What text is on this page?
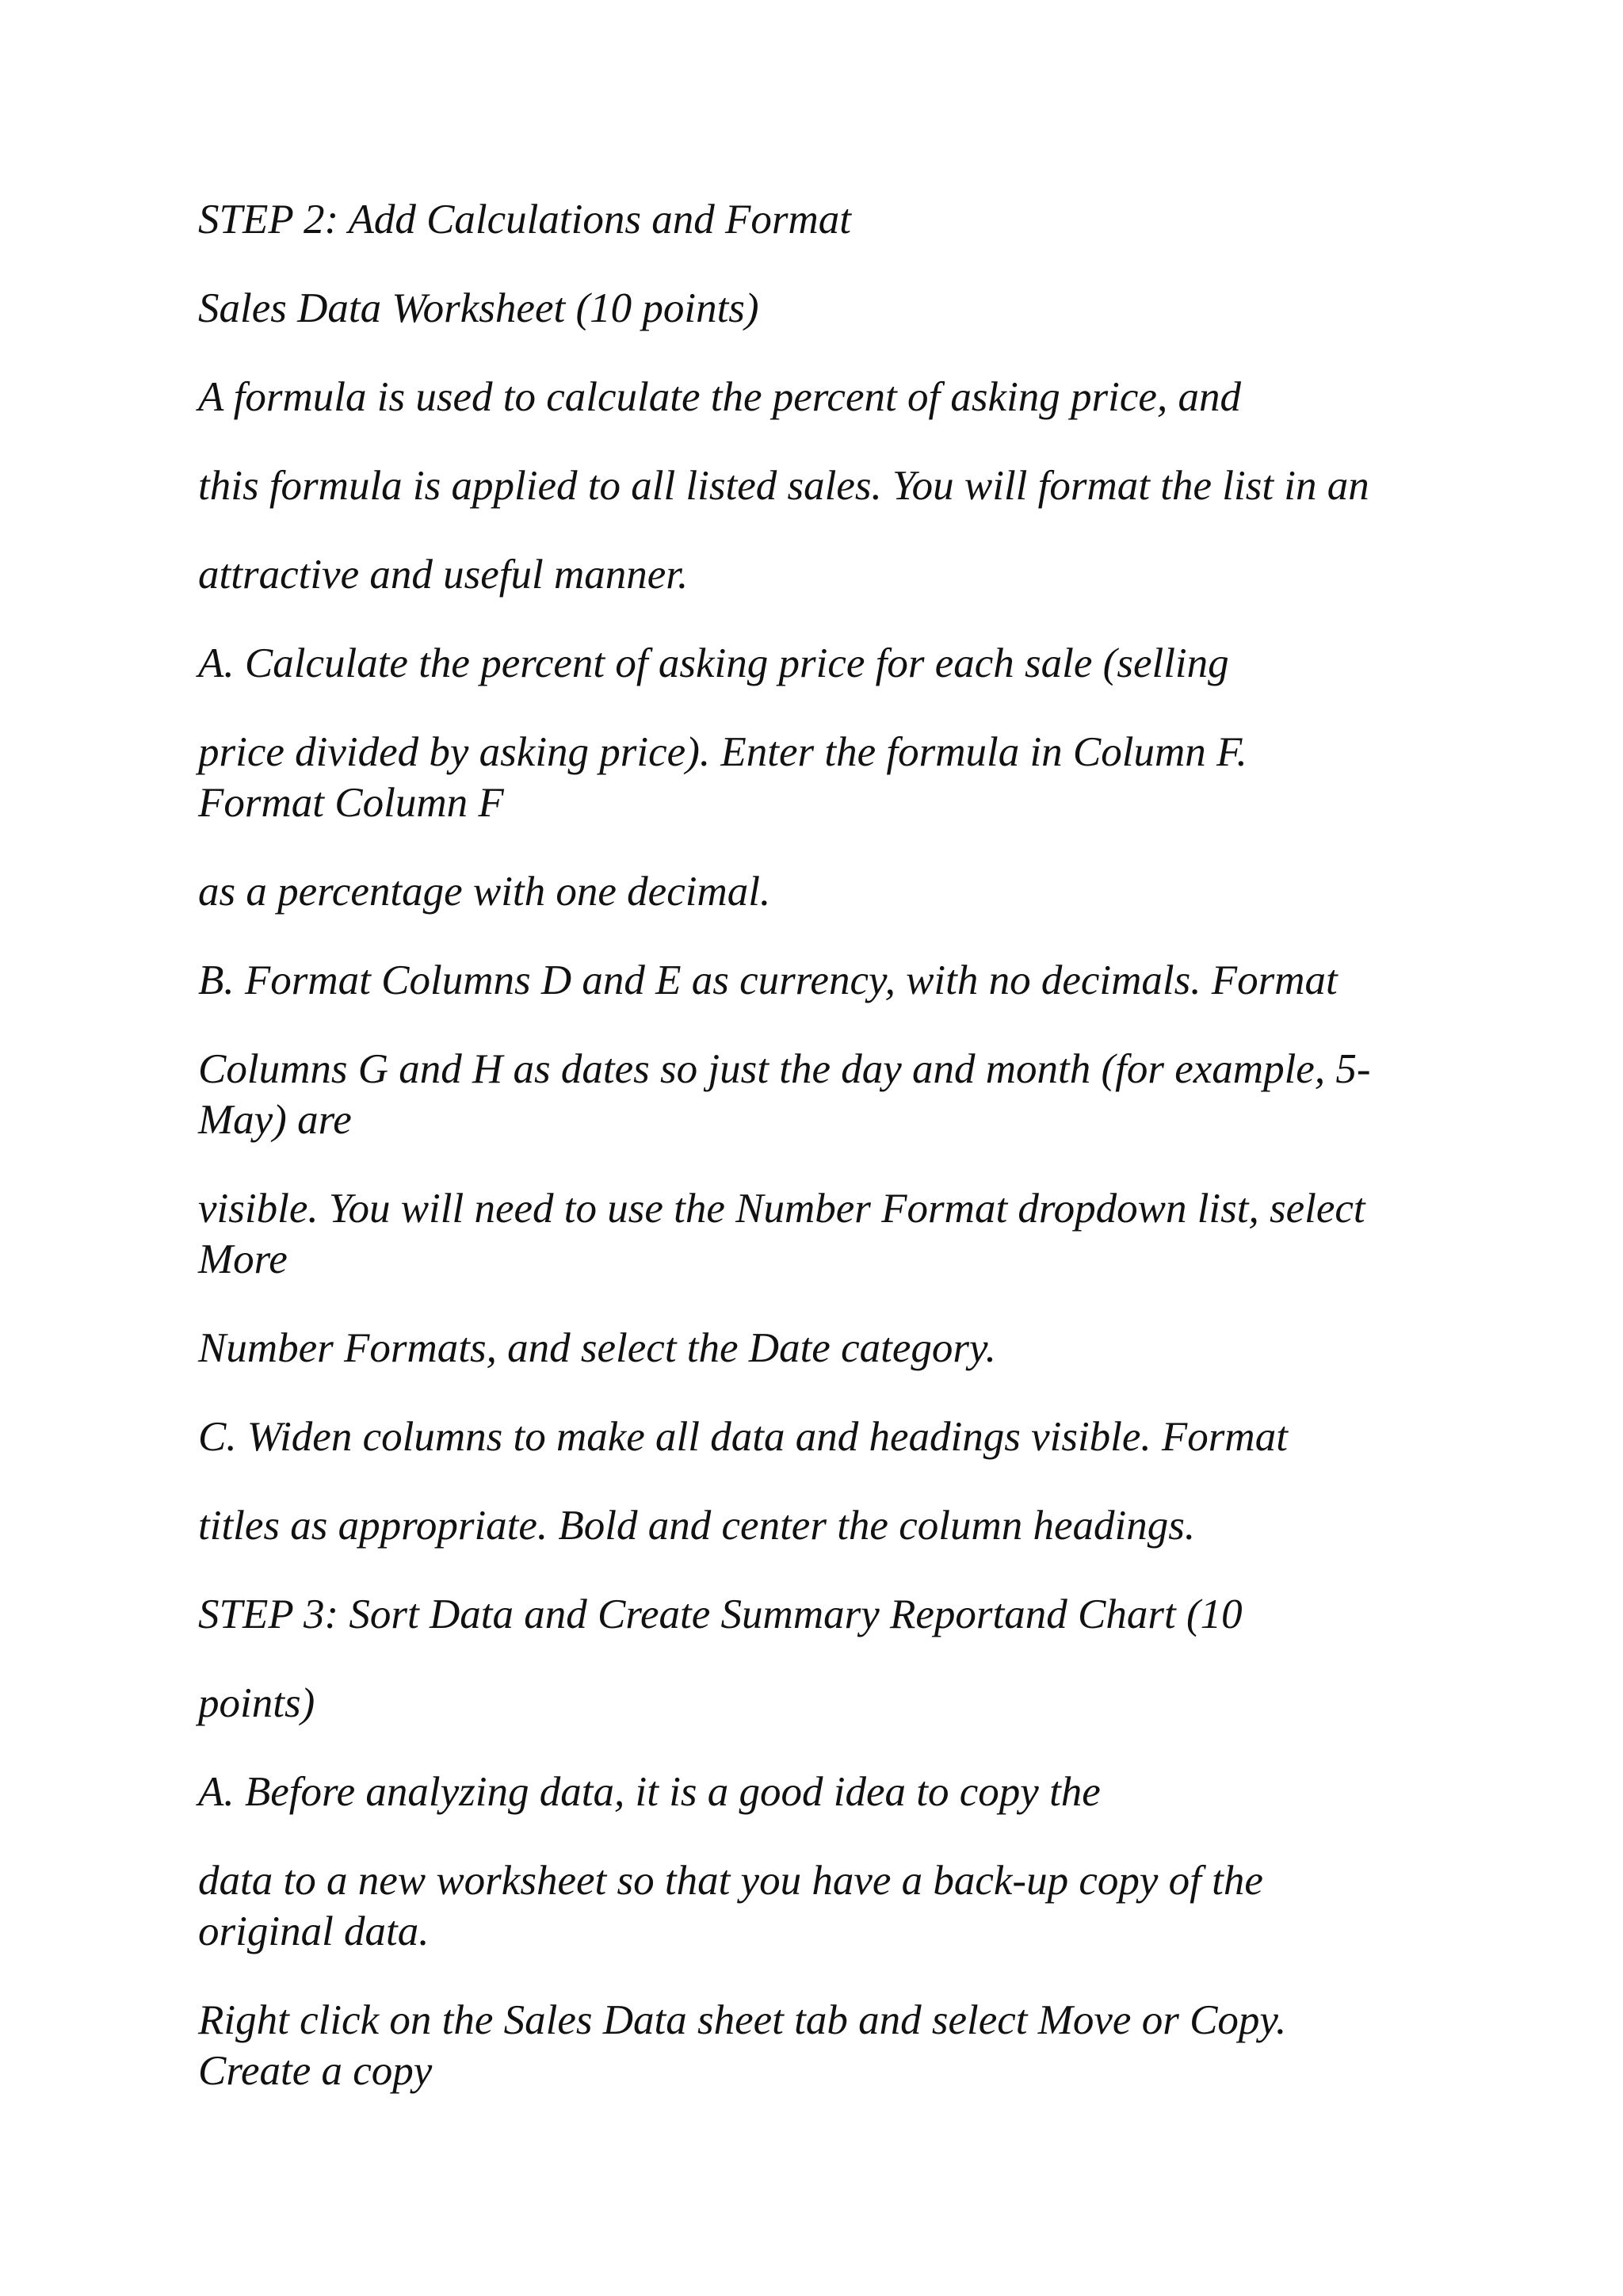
STEP 2: Add Calculations and Format

Sales Data Worksheet (10 points)

A formula is used to calculate the percent of asking price, and

this formula is applied to all listed sales. You will format the list in an

attractive and useful manner.

A. Calculate the percent of asking price for each sale (selling

price divided by asking price). Enter the formula in Column F.
Format Column F

as a percentage with one decimal.

B. Format Columns D and E as currency, with no decimals. Format

Columns G and H as dates so just the day and month (for example, 5-
May) are

visible. You will need to use the Number Format dropdown list, select
More

Number Formats, and select the Date category.

C. Widen columns to make all data and headings visible. Format

titles as appropriate. Bold and center the column headings.

STEP 3: Sort Data and Create Summary Reportand Chart (10

points)

A. Before analyzing data, it is a good idea to copy the

data to a new worksheet so that you have a back-up copy of the
original data.

Right click on the Sales Data sheet tab and select Move or Copy.
Create a copy
